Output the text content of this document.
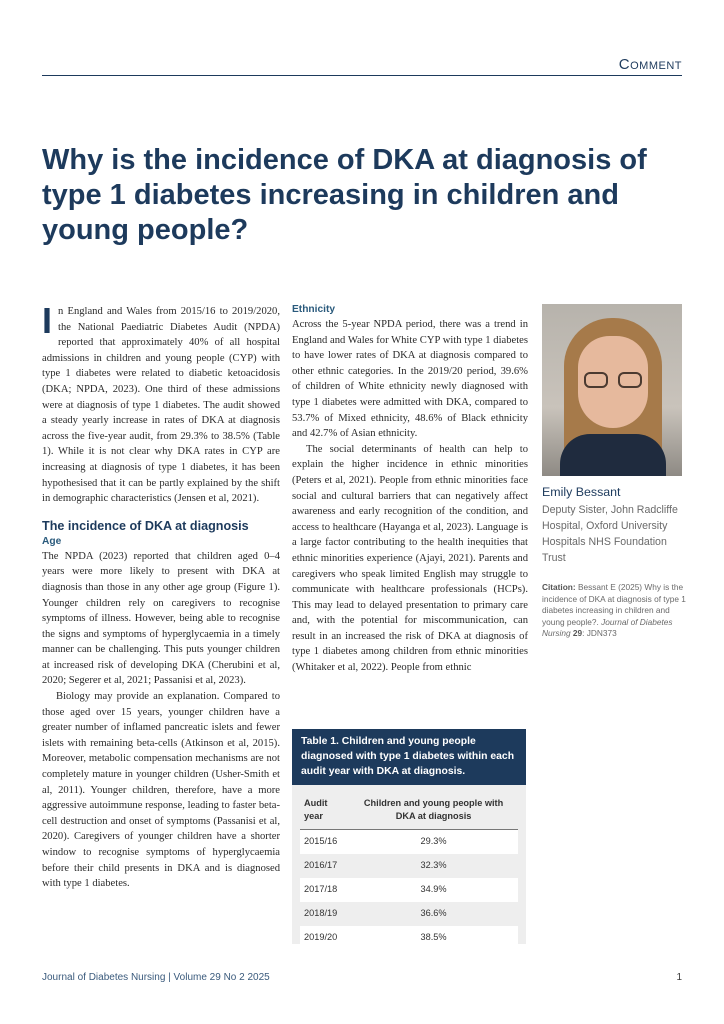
Comment
Why is the incidence of DKA at diagnosis of type 1 diabetes increasing in children and young people?

In England and Wales from 2015/16 to 2019/2020, the National Paediatric Diabetes Audit (NPDA) reported that approximately 40% of all hospital admissions in children and young people (CYP) with type 1 diabetes were related to diabetic ketoacidosis (DKA; NPDA, 2023). One third of these admissions were at diagnosis of type 1 diabetes. The audit showed a steady yearly increase in rates of DKA at diagnosis across the five-year audit, from 29.3% to 38.5% (Table 1). While it is not clear why DKA rates in CYP are increasing at diagnosis of type 1 diabetes, it has been hypothesised that it can be partly explained by the shift in demographic characteristics (Jensen et al, 2021).

The incidence of DKA at diagnosis
Age

The NPDA (2023) reported that children aged 0–4 years were more likely to present with DKA at diagnosis than those in any other age group (Figure 1). Younger children rely on caregivers to recognise symptoms of illness. However, being able to recognise the signs and symptoms of hyperglycaemia in a timely manner can be challenging. This puts younger children at increased risk of developing DKA (Cherubini et al, 2020; Segerer et al, 2021; Passanisi et al, 2023).

Biology may provide an explanation. Compared to those aged over 15 years, younger children have a greater number of inflamed pancreatic islets and fewer islets with remaining beta-cells (Atkinson et al, 2015). Moreover, metabolic compensation mechanisms are not completely mature in younger children (Usher-Smith et al, 2011). Younger children, therefore, have a more aggressive autoimmune response, leading to faster beta-cell destruction and onset of symptoms (Passanisi et al, 2020). Caregivers of younger children have a shorter window to recognise symptoms of hyperglycaemia before their child presents in DKA and is diagnosed with type 1 diabetes.

Ethnicity

Across the 5-year NPDA period, there was a trend in England and Wales for White CYP with type 1 diabetes to have lower rates of DKA at diagnosis compared to other ethnic categories. In the 2019/20 period, 39.6% of children of White ethnicity newly diagnosed with type 1 diabetes were admitted with DKA, compared to 53.7% of Mixed ethnicity, 48.6% of Black ethnicity and 42.7% of Asian ethnicity.

The social determinants of health can help to explain the higher incidence in ethnic minorities (Peters et al, 2021). People from ethnic minorities face social and cultural barriers that can negatively affect awareness and early recognition of the condition, and access to healthcare (Hayanga et al, 2023). Language is a large factor contributing to the health inequities that ethnic minorities experience (Ajayi, 2021). Parents and caregivers who speak limited English may struggle to communicate with healthcare professionals (HCPs). This may lead to delayed presentation to primary care and, with the potential for miscommunication, can result in an increased the risk of DKA at diagnosis of type 1 diabetes among children from ethnic minorities (Whitaker et al, 2022). People from ethnic

Emily Bessant
Deputy Sister, John Radcliffe Hospital, Oxford University Hospitals NHS Foundation Trust
Citation: Bessant E (2025) Why is the incidence of DKA at diagnosis of type 1 diabetes increasing in children and young people?. Journal of Diabetes Nursing 29: JDN373
Table 1. Children and young people diagnosed with type 1 diabetes within each audit year with DKA at diagnosis.
Audit year	Children and young people with DKA at diagnosis
2015/16	29.3%
2016/17	32.3%
2017/18	34.9%
2018/19	36.6%
2019/20	38.5%
Journal of Diabetes Nursing | Volume 29 No 2 2025	1
